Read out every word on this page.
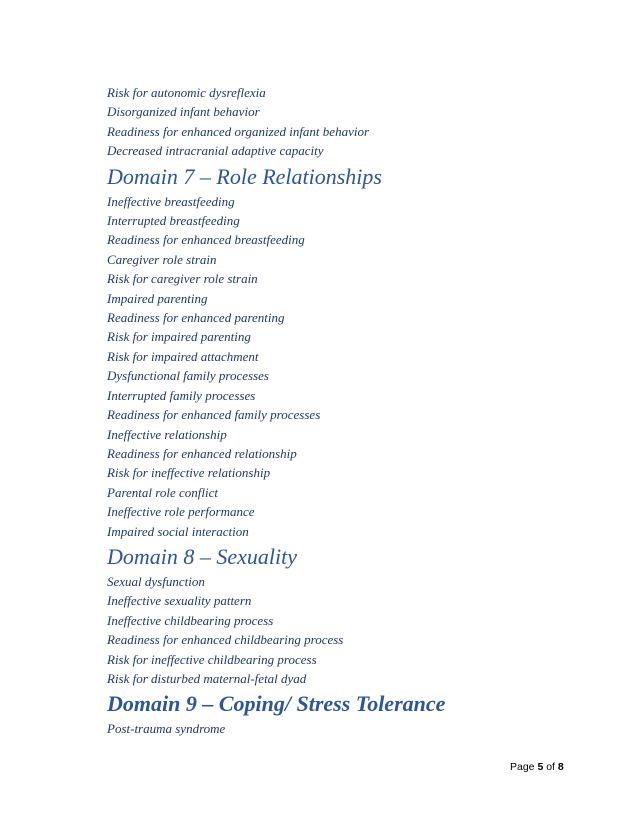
Risk for autonomic dysreflexia
Disorganized infant behavior
Readiness for enhanced organized infant behavior
Decreased intracranial adaptive capacity
Domain 7 – Role Relationships
Ineffective breastfeeding
Interrupted breastfeeding
Readiness for enhanced breastfeeding
Caregiver role strain
Risk for caregiver role strain
Impaired parenting
Readiness for enhanced parenting
Risk for impaired parenting
Risk for impaired attachment
Dysfunctional family processes
Interrupted family processes
Readiness for enhanced family processes
Ineffective relationship
Readiness for enhanced relationship
Risk for ineffective relationship
Parental role conflict
Ineffective role performance
Impaired social interaction
Domain 8 – Sexuality
Sexual dysfunction
Ineffective sexuality pattern
Ineffective childbearing process
Readiness for enhanced childbearing process
Risk for ineffective childbearing process
Risk for disturbed maternal-fetal dyad
Domain 9 – Coping/ Stress Tolerance
Post-trauma syndrome
Page 5 of 8
